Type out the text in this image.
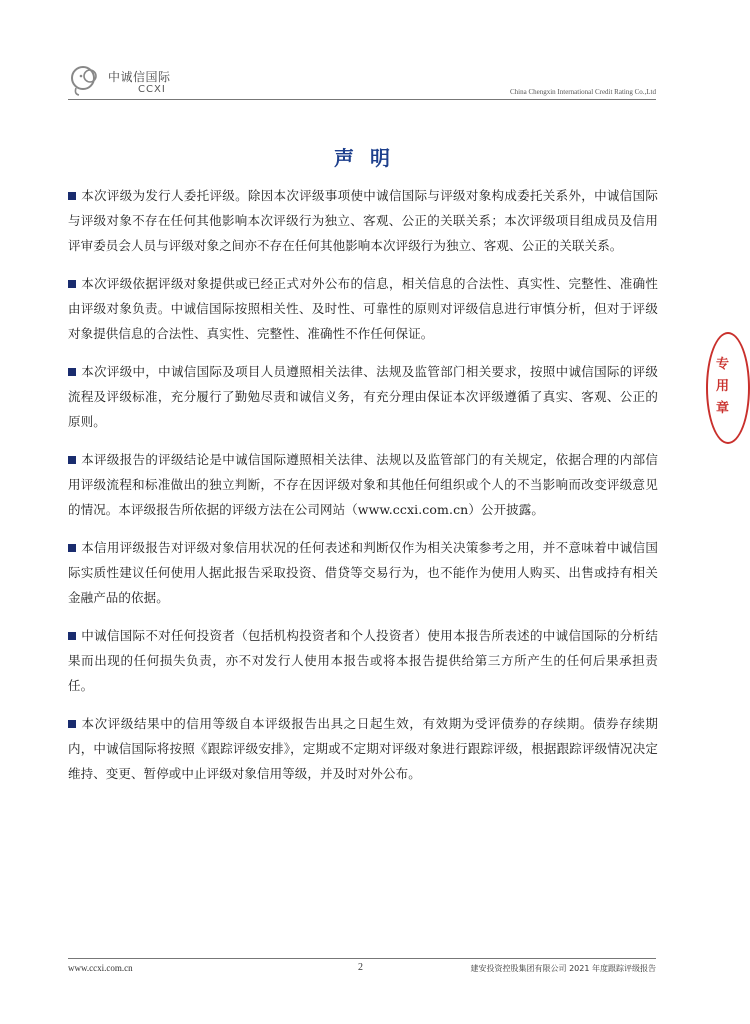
中诚信国际
CCXI	China Chengxin International Credit Rating Co.,Ltd
声明

本次评级为发行人委托评级。除因本次评级事项使中诚信国际与评级对象构成委托关系外，中诚信国际与评级对象不存在任何其他影响本次评级行为独立、客观、公正的关联关系；本次评级项目组成员及信用评审委员会人员与评级对象之间亦不存在任何其他影响本次评级行为独立、客观、公正的关联关系。

本次评级依据评级对象提供或已经正式对外公布的信息，相关信息的合法性、真实性、完整性、准确性由评级对象负责。中诚信国际按照相关性、及时性、可靠性的原则对评级信息进行审慎分析，但对于评级对象提供信息的合法性、真实性、完整性、准确性不作任何保证。

本次评级中，中诚信国际及项目人员遵照相关法律、法规及监管部门相关要求，按照中诚信国际的评级流程及评级标准，充分履行了勤勉尽责和诚信义务，有充分理由保证本次评级遵循了真实、客观、公正的原则。

本评级报告的评级结论是中诚信国际遵照相关法律、法规以及监管部门的有关规定，依据合理的内部信用评级流程和标准做出的独立判断，不存在因评级对象和其他任何组织或个人的不当影响而改变评级意见的情况。本评级报告所依据的评级方法在公司网站（www.ccxi.com.cn）公开披露。

本信用评级报告对评级对象信用状况的任何表述和判断仅作为相关决策参考之用，并不意味着中诚信国际实质性建议任何使用人据此报告采取投资、借贷等交易行为，也不能作为使用人购买、出售或持有相关金融产品的依据。

中诚信国际不对任何投资者（包括机构投资者和个人投资者）使用本报告所表述的中诚信国际的分析结果而出现的任何损失负责，亦不对发行人使用本报告或将本报告提供给第三方所产生的任何后果承担责任。

本次评级结果中的信用等级自本评级报告出具之日起生效，有效期为受评债券的存续期。债券存续期内，中诚信国际将按照《跟踪评级安排》，定期或不定期对评级对象进行跟踪评级，根据跟踪评级情况决定维持、变更、暂停或中止评级对象信用等级，并及时对外公布。

专用章
www.ccxi.com.cn	2	建安投资控股集团有限公司 2021 年度跟踪评级报告
